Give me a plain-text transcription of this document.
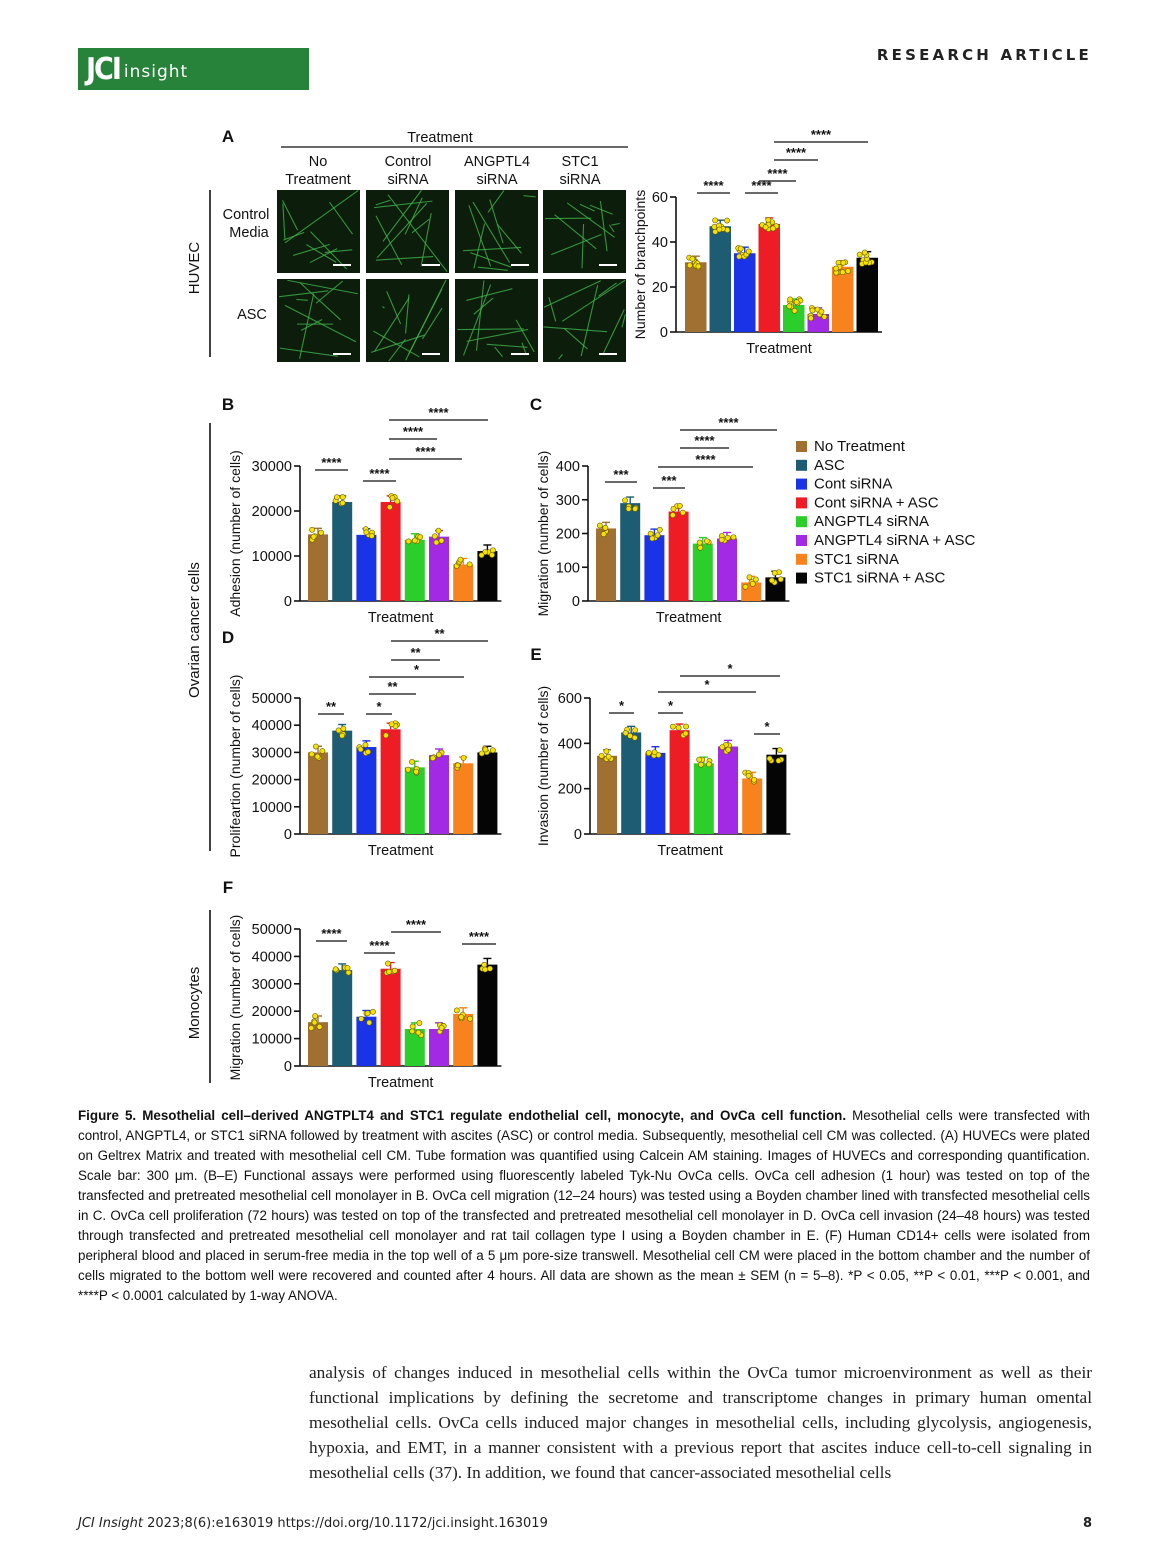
JCI insight
RESEARCH ARTICLE
0
20
40
60
Treatment
Number of branchpoints
**** ****
****
****
****
A
0
10000
20000
30000
Treatment
Adhesion (number of cells)	****
****
****
****
****
B
0
100
200
300
400
Treatment
Migration (number of cells)	***	***
****
****
****
C
0
10000
20000
30000
40000
50000
Treatment
Prolifeartion (number of cells)	**	*
**
*
**
**
D
0
200
400
600
Treatment
Invasion (number of cells)	*	*
*
*
*
E
0
10000
20000
30000
40000
50000
Treatment
Migration (number of cells)	****
****
****
****
F
Treatment
No
Treatment
Control
siRNA
ANGPTL4
siRNA
STC1
siRNA
Control
Media
ASC
HUVEC
Ovarian cancer cells
Monocytes
No Treatment
ASC
Cont siRNA
Cont siRNA + ASC
ANGPTL4 siRNA
ANGPTL4 siRNA + ASC
STC1 siRNA
STC1 siRNA + ASC
Figure 5. Mesothelial cell–derived ANGTPLT4 and STC1 regulate endothelial cell, monocyte, and OvCa cell function. Mesothelial cells were transfected with control, ANGPTL4, or STC1 siRNA followed by treatment with ascites (ASC) or control media. Subsequently, mesothelial cell CM was collected. (A) HUVECs were plated on Geltrex Matrix and treated with mesothelial cell CM. Tube formation was quantified using Calcein AM staining. Images of HUVECs and corresponding quantification. Scale bar: 300 μm. (B–E) Functional assays were performed using fluorescently labeled Tyk-Nu OvCa cells. OvCa cell adhesion (1 hour) was tested on top of the transfected and pretreated mesothelial cell monolayer in B. OvCa cell migration (12–24 hours) was tested using a Boyden chamber lined with transfected mesothelial cells in C. OvCa cell proliferation (72 hours) was tested on top of the transfected and pretreated mesothelial cell monolayer in D. OvCa cell invasion (24–48 hours) was tested through transfected and pretreated mesothelial cell monolayer and rat tail collagen type I using a Boyden chamber in E. (F) Human CD14+ cells were isolated from peripheral blood and placed in serum-free media in the top well of a 5 μm pore-size transwell. Mesothelial cell CM were placed in the bottom chamber and the number of cells migrated to the bottom well were recovered and counted after 4 hours. All data are shown as the mean ± SEM (n = 5–8). *P < 0.05, **P < 0.01, ***P < 0.001, and ****P < 0.0001 calculated by 1-way ANOVA.
analysis of changes induced in mesothelial cells within the OvCa tumor microenvironment as well as their functional implications by defining the secretome and transcriptome changes in primary human omental mesothelial cells. OvCa cells induced major changes in mesothelial cells, including glycolysis, angiogenesis, hypoxia, and EMT, in a manner consistent with a previous report that ascites induce cell-to-cell signaling in mesothelial cells (37). In addition, we found that cancer-associated mesothelial cells
JCI Insight 2023;8(6):e163019 https://doi.org/10.1172/jci.insight.163019	8
